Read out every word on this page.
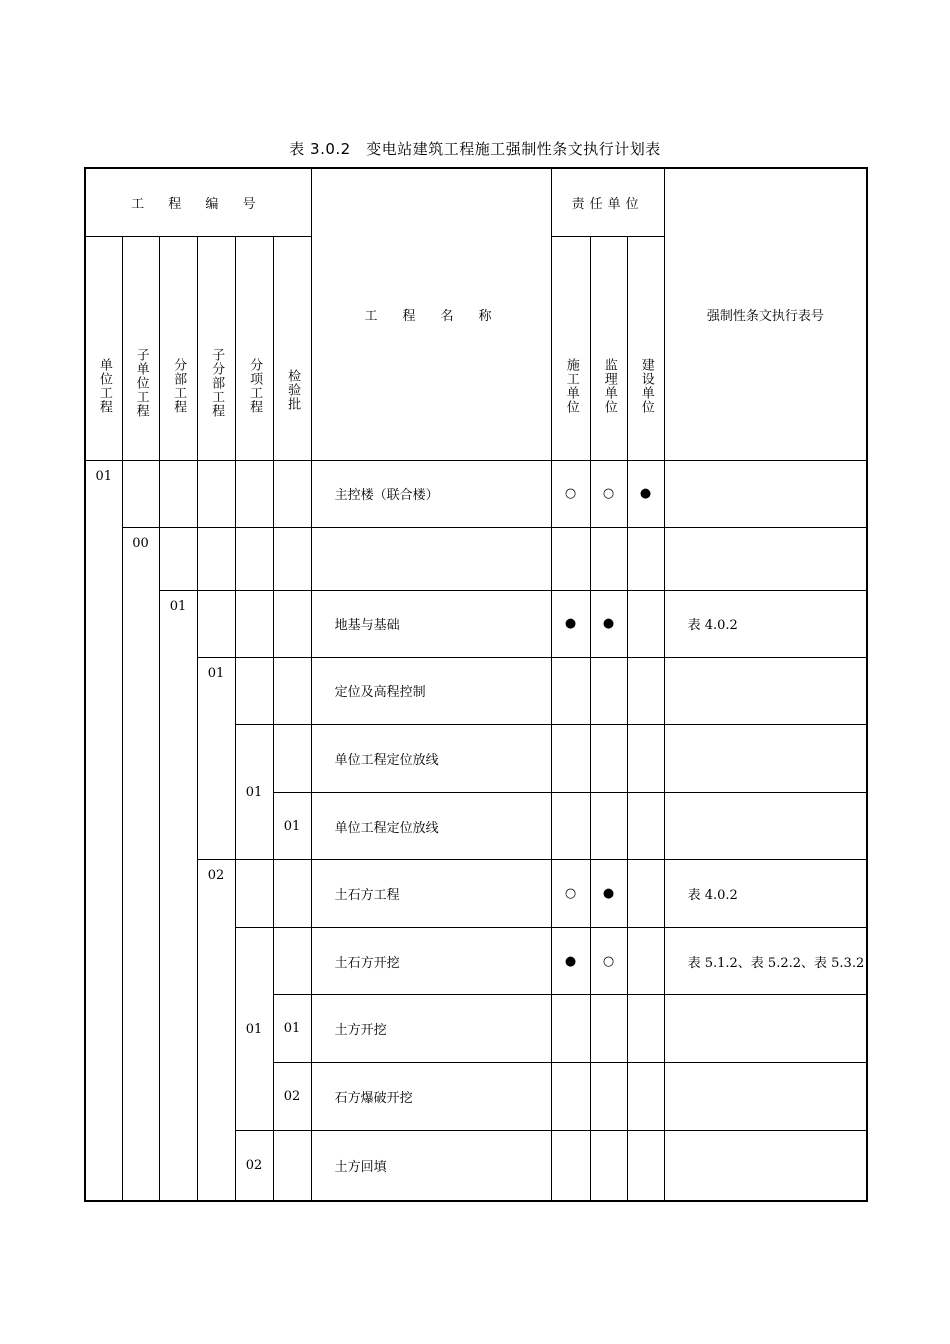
表 3.0.2　变电站建筑工程施工强制性条文执行计划表
工 程 编 号						工　程　名　称	责任单位			强制性条文执行表号
单位工程	子单位工程	分部工程	子分部工程	分项工程	检验批		施工单位	监理单位	建设单位	
01						主控楼（联合楼）	○	○	●	
	00									
		01				地基与基础	●	●		表 4.0.2
			01			定位及高程控制				
				01		单位工程定位放线				
					01	单位工程定位放线				
			02			土石方工程	○	●		表 4.0.2
				01		土石方开挖	●	○		表 5.1.2、表 5.2.2、表 5.3.2
					01	土方开挖				
					02	石方爆破开挖				
				02		土方回填				
